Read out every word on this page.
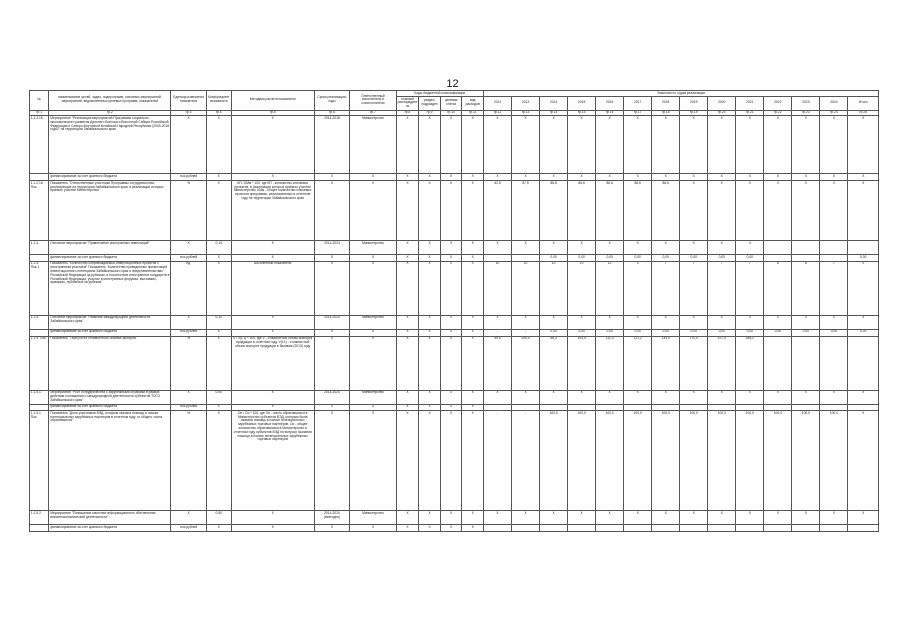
12
№	наименование целей, задач, подпрограмм, основных мероприятий, мероприятий, ведомственных целевых программ, показателей	Единица измерения показателя	Коэффициент значимости	Методика расчета показателя	Сроки реализации, годы	Ответственный исполнитель и соисполнители	Коды бюджетной классификации				Значения по годам реализации													
							главный распорядитель	раздел, подраздел	целевая статья	вид расходов	2012	2013	2014	2015	2016	2017	2018	2019	2020	2021	2022	2023	2024	Итого
гр.1	гр.2	гр.3	гр.4	гр.5	гр.6	гр.7	гр.8	гр.9	гр.10	гр.11	гр.12	гр.13	гр.14	гр.15	гр.16	гр.17	гр.18	гр.19	гр.20	гр.21	гр.22	гр.23	гр.24	гр.25
1.1.2.16.	Мероприятие "Реализация мероприятий Программы социально-экономического развития Дальнего Востока и Восточной Сибири Российской Федерации и Северо-Восточной Китайской Народной Республики (2009-2018 годы)" на территории Забайкальского края	X	X	X	2014-2018	Министерство	X	X	X	X	X	X	X	X	X	X	X	X	X	X	X	X	X	X
	финансирование за счет краевого бюджета	тыс.рублей	X	X	X	X	X	X	X	X	X	X	X	X	X	X	X	X	X	X	X	X	X	X
1.1.2.16. Пок.	Показатель "Отечественные участники Программы сотрудничества, реализующие на территории Забайкальского края, в реализации которых приняло участие Министерство"	%	X	КП / КМм * 100, где КП - количество ключевых проектов, в реализации которых приняло участие Министерство, КМм - общее количество ключевых проектов программы, реализованных в отчетном году на территории Забайкальского края	X	X	X	X	X	X	62,5	87,5	86,8	86,6	86,6	86,6	86,6	X	X	X	X	X	X	X
1.1.4.	Основное мероприятие "Привлечение иностранных инвестиций"	X	0,10	X	2014-2024	Министерство	X	X	X	X	X	X	X	X	X	X	X	X	X	X				
	финансирование за счет краевого бюджета	тыс.рублей	X	X	X	X	X	X	X	X	-	-	0,00	0,00	0,00	0,00	0,00	0,00	0,00	0,00				0,00
1.1.4. Пок.1	Показатель "Количество сопровождаемых инвестиционных проектов с иностранным участием" Показатель "Количество проведенных презентаций инвестиционного потенциала Забайкальского края в представительствах Российской Федерации за рубежом, в посольствах иностранных государств в Российской Федерации, участие в иностранных форумах, выставках, ярмарках, публичных на рубежах"	ед.	X	Абсолютный показатель	X	X	X	X	X	X	10	10	10	10	12	4	7	7	7	7	5	6	7	X
1.1.5.	Основное мероприятие "Развитие международной деятельности Забайкальского края"	X	0,10	X	2014-2024	Министерство	X	X	X	X	X	X	X	X	X	X	X	X	X	X	X	X	X	X
	финансирование за счет краевого бюджета	тыс.рублей	X	X	X	X	X	X	X	X	-	-	0,00	0,00	0,00	0,00	0,00	0,00	0,00	0,00	0,00	0,00	0,00	0,00
1.1.5. Пок.	Показатель "Темп роста стоимостного объема экспорта"	%	X	V / V(t-1) * 100, где V - стоимостной объем экспорта продукции в отчетном году, V(t-1) - стоимостной объем экспорта продукции в базовом (2013) году	X	X	X	X	X	X	99,5	100,0	66,3	103,4	111,3	121,2	134,0	170,0	227,0	285,2				
1.1.5.1.	Мероприятие "Рост сотрудничества с зарубежными странами в рамках действия соглашения о международной деятельности субъектов ТОСЗ Забайкальского края"	X	0,50	X	2014-2024	Министерство	X	X	X	X	X	X	X	X	X	X	X	X	X	X	X	X	X	X
	финансирование за счет краевого бюджета	тыс.рублей	X	X	X	X	X	X	X	X														
1.1.5.1. Пок.	Показатель "Доля участников ВЭД, которым оказана помощь в поиске потенциальных зарубежных партнеров в отчетном году, от общего числа обратившихся"	%	X	Оп / Оо * 100, где Оп - число обратившихся в Министерство субъектов ВЭД, которым была оказана помощь в поиске потенциальных зарубежных торговых партнеров, Оо - общее количество обратившихся в Министерство в отчетном году субъектов ВЭД по вопросу оказания помощи в поиске потенциальных зарубежных торговых партнеров	X	X	X	X	X	X	-	-	100,0	100,0	100,0	100,0	100,0	100,0	100,0	100,0	100,0	100,0	100,0	X
1.1.5.2.	Мероприятие "Повышение качества информационного обеспечения внешнеэкономической деятельности"	X	0,50	X	2014-2024 (ежегодно)	Министерство	X	X	X	X	X	X	X	X	X	X	X	X	X	X	X	X	X	X
	финансирование за счет краевого бюджета	тыс.рублей	X	X	X	X	X	X	X	X														
